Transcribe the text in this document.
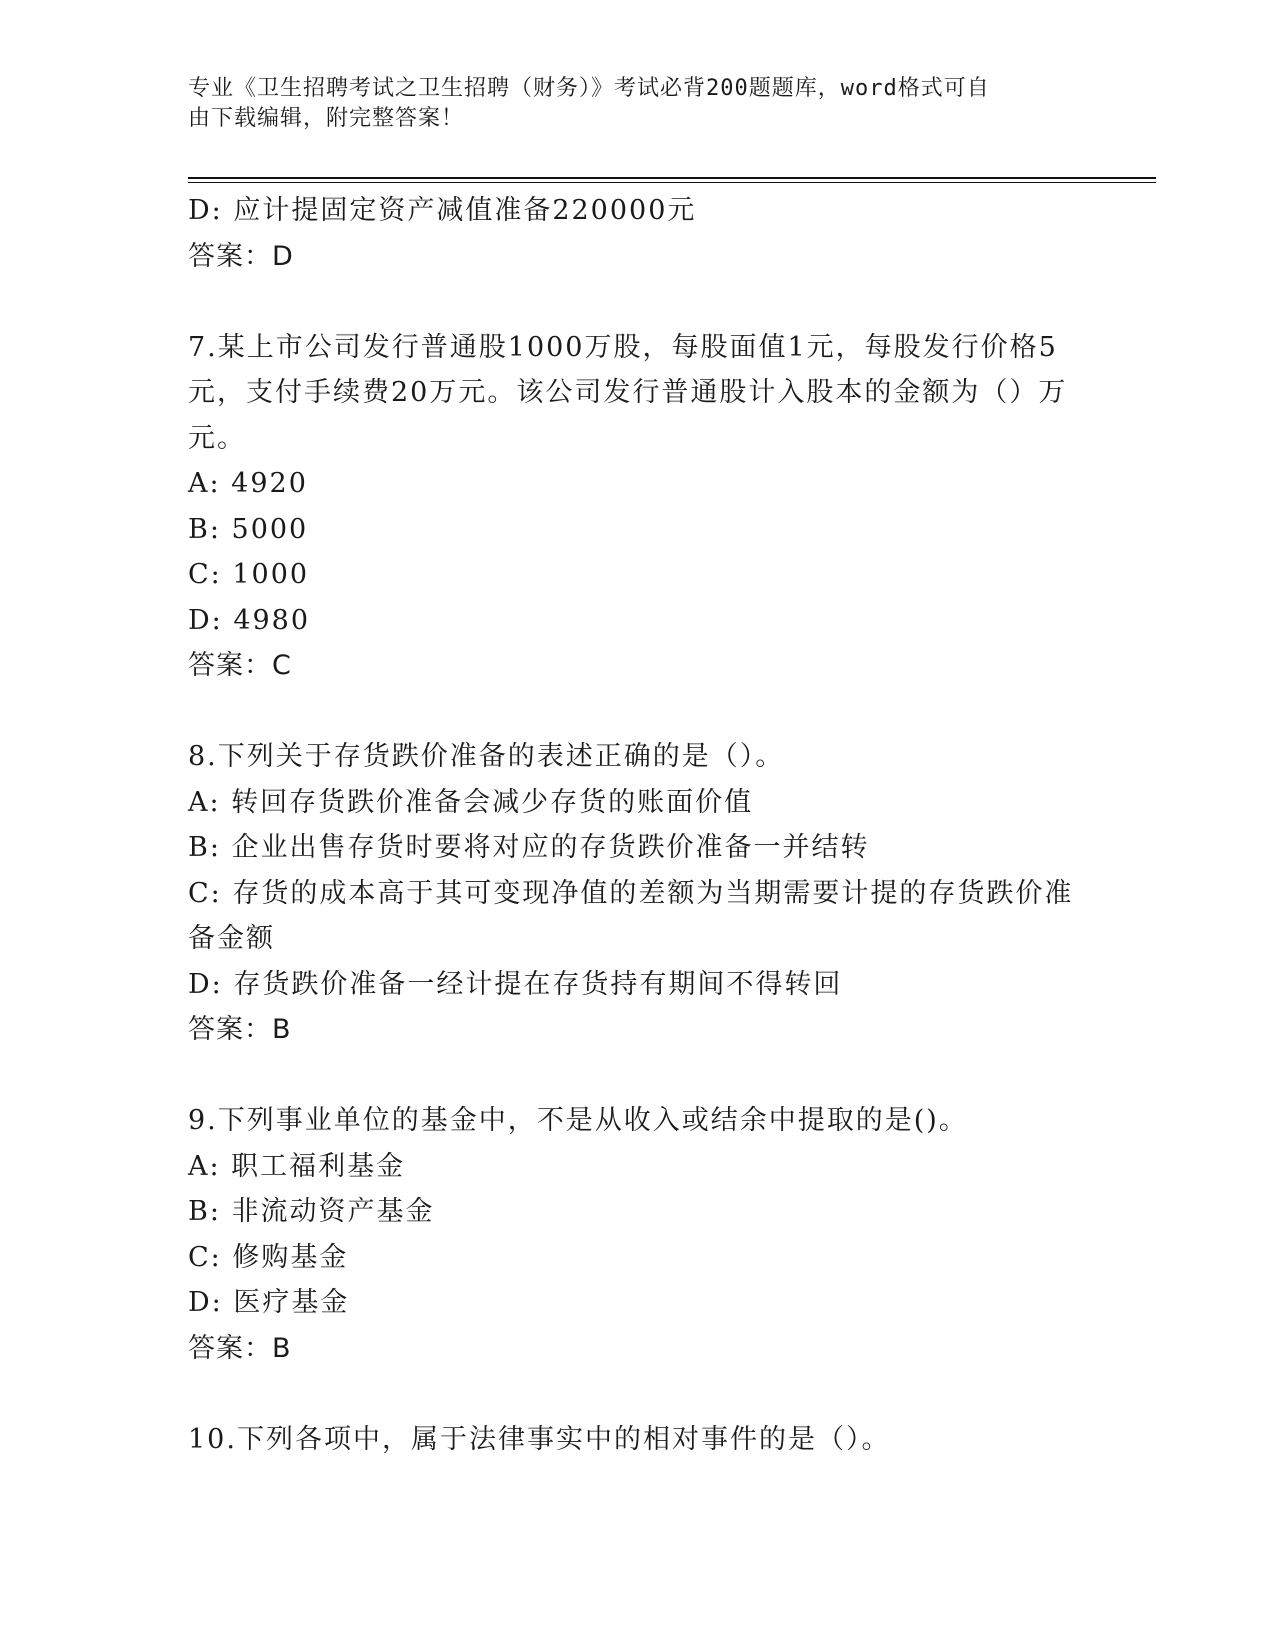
专业《卫生招聘考试之卫生招聘（财务）》考试必背200题题库，word格式可自
由下载编辑，附完整答案！

D: 应计提固定资产减值准备220000元

答案：D

7.某上市公司发行普通股1000万股，每股面值1元，每股发行价格5

元，支付手续费20万元。该公司发行普通股计入股本的金额为（）万

元。

A: 4920

B: 5000

C: 1000

D: 4980

答案：C

8.下列关于存货跌价准备的表述正确的是（）。

A: 转回存货跌价准备会减少存货的账面价值

B: 企业出售存货时要将对应的存货跌价准备一并结转

C: 存货的成本高于其可变现净值的差额为当期需要计提的存货跌价准

备金额

D: 存货跌价准备一经计提在存货持有期间不得转回

答案：B

9.下列事业单位的基金中，不是从收入或结余中提取的是()。

A: 职工福利基金

B: 非流动资产基金

C: 修购基金

D: 医疗基金

答案：B

10.下列各项中，属于法律事实中的相对事件的是（）。
